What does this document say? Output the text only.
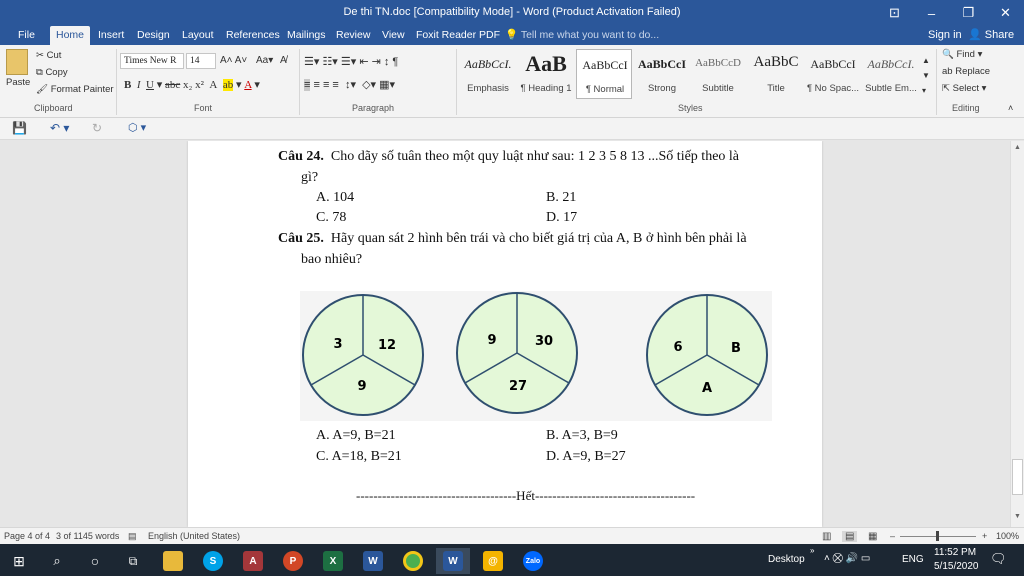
De thi TN.doc [Compatibility Mode] - Word (Product Activation Failed)	⊡	–	❐	✕
File	Home	Insert	Design	Layout	References Mailings Review	View	Foxit Reader PDF 💡 Tell me what you want to do...	Sign in 👤 Share
Paste
✂ Cut
⧉ Copy
🖌 Format Painter
Clipboard
Times New R	14	A˄ A˅ Aa▾ A̸
B I U ▾ abc x₂ x²  A  ab ▾ A ▾
Font
☰▾ ☷▾ ☰▾ ⇤ ⇥ ↕ ¶
≡ ≡ ≡ ≡  ↕▾  ◇▾ ▦▾
Paragraph
AaBbCcI.
Emphasis
AaB
¶ Heading 1
AaBbCcI
¶ Normal
AaBbCcI
Strong
AaBbCcD
Subtitle
AaBbC
Title
AaBbCcI
¶ No Spac...
AaBbCcI.
Subtle Em...
▲
▼
▾
Styles
🔍 Find ▾
ab Replace
⇱ Select ▾
Editing	˄
💾 ↶ ▾ ↻ ⬡ ▾
Câu 24. Cho dãy số tuân theo một quy luật như sau: 1 2 3 5 8 13 ...Số tiếp theo là
gì?
A. 104	B. 21
C. 78	D. 17
Câu 25. Hãy quan sát 2 hình bên trái và cho biết giá trị của A, B ở hình bên phải là
bao nhiêu?
3	12
9
9	30
27
6	B
A
A. A=9, B=21	B. A=3, B=9
C. A=18, B=21	D. A=9, B=27
-------------------------------------Hết-------------------------------------
▲
▼
Page 4 of 4 3 of 1145 words ▤ English (United States)	▥	▤	▦ –	+ 100%
⊞	⌕	○	⧉	S	A	P	X	W	W	@	Zalo	Desktop
»
˄ ⛒ 🔊 ▭	ENG
11:52 PM
5/15/2020
🗨
